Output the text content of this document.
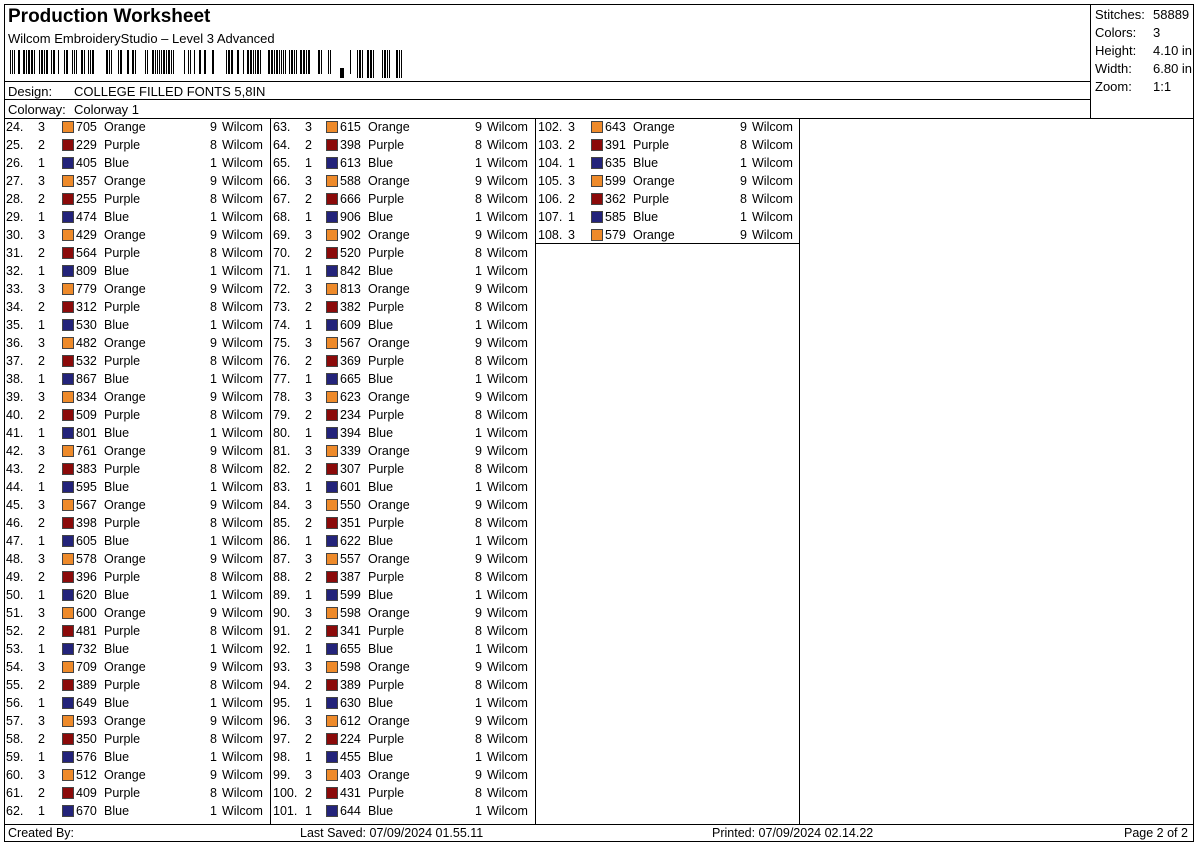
Production Worksheet
Wilcom EmbroideryStudio – Level 3 Advanced
Design: COLLEGE FILLED FONTS 5,8IN
Colorway: Colorway 1
Stitches: 58889
Colors: 3
Height: 4.10 in
Width: 6.80 in
Zoom: 1:1
24. 3 705 Orange	9 Wilcom
25. 2 229 Purple	8 Wilcom
26. 1 405 Blue	1 Wilcom
27. 3 357 Orange	9 Wilcom
28. 2 255 Purple	8 Wilcom
29. 1 474 Blue	1 Wilcom
30. 3 429 Orange	9 Wilcom
31. 2 564 Purple	8 Wilcom
32. 1 809 Blue	1 Wilcom
33. 3 779 Orange	9 Wilcom
34. 2 312 Purple	8 Wilcom
35. 1 530 Blue	1 Wilcom
36. 3 482 Orange	9 Wilcom
37. 2 532 Purple	8 Wilcom
38. 1 867 Blue	1 Wilcom
39. 3 834 Orange	9 Wilcom
40. 2 509 Purple	8 Wilcom
41. 1 801 Blue	1 Wilcom
42. 3 761 Orange	9 Wilcom
43. 2 383 Purple	8 Wilcom
44. 1 595 Blue	1 Wilcom
45. 3 567 Orange	9 Wilcom
46. 2 398 Purple	8 Wilcom
47. 1 605 Blue	1 Wilcom
48. 3 578 Orange	9 Wilcom
49. 2 396 Purple	8 Wilcom
50. 1 620 Blue	1 Wilcom
51. 3 600 Orange	9 Wilcom
52. 2 481 Purple	8 Wilcom
53. 1 732 Blue	1 Wilcom
54. 3 709 Orange	9 Wilcom
55. 2 389 Purple	8 Wilcom
56. 1 649 Blue	1 Wilcom
57. 3 593 Orange	9 Wilcom
58. 2 350 Purple	8 Wilcom
59. 1 576 Blue	1 Wilcom
60. 3 512 Orange	9 Wilcom
61. 2 409 Purple	8 Wilcom
62. 1 670 Blue	1 Wilcom
63. 3 615 Orange	9 Wilcom
64. 2 398 Purple	8 Wilcom
65. 1 613 Blue	1 Wilcom
66. 3 588 Orange	9 Wilcom
67. 2 666 Purple	8 Wilcom
68. 1 906 Blue	1 Wilcom
69. 3 902 Orange	9 Wilcom
70. 2 520 Purple	8 Wilcom
71. 1 842 Blue	1 Wilcom
72. 3 813 Orange	9 Wilcom
73. 2 382 Purple	8 Wilcom
74. 1 609 Blue	1 Wilcom
75. 3 567 Orange	9 Wilcom
76. 2 369 Purple	8 Wilcom
77. 1 665 Blue	1 Wilcom
78. 3 623 Orange	9 Wilcom
79. 2 234 Purple	8 Wilcom
80. 1 394 Blue	1 Wilcom
81. 3 339 Orange	9 Wilcom
82. 2 307 Purple	8 Wilcom
83. 1 601 Blue	1 Wilcom
84. 3 550 Orange	9 Wilcom
85. 2 351 Purple	8 Wilcom
86. 1 622 Blue	1 Wilcom
87. 3 557 Orange	9 Wilcom
88. 2 387 Purple	8 Wilcom
89. 1 599 Blue	1 Wilcom
90. 3 598 Orange	9 Wilcom
91. 2 341 Purple	8 Wilcom
92. 1 655 Blue	1 Wilcom
93. 3 598 Orange	9 Wilcom
94. 2 389 Purple	8 Wilcom
95. 1 630 Blue	1 Wilcom
96. 3 612 Orange	9 Wilcom
97. 2 224 Purple	8 Wilcom
98. 1 455 Blue	1 Wilcom
99. 3 403 Orange	9 Wilcom
100. 2 431 Purple	8 Wilcom
101. 1 644 Blue	1 Wilcom
102. 3 643 Orange	9 Wilcom
103. 2 391 Purple	8 Wilcom
104. 1 635 Blue	1 Wilcom
105. 3 599 Orange	9 Wilcom
106. 2 362 Purple	8 Wilcom
107. 1 585 Blue	1 Wilcom
108. 3 579 Orange	9 Wilcom
Created By:	Last Saved: 07/09/2024 01.55.11	Printed: 07/09/2024 02.14.22	Page 2 of 2
